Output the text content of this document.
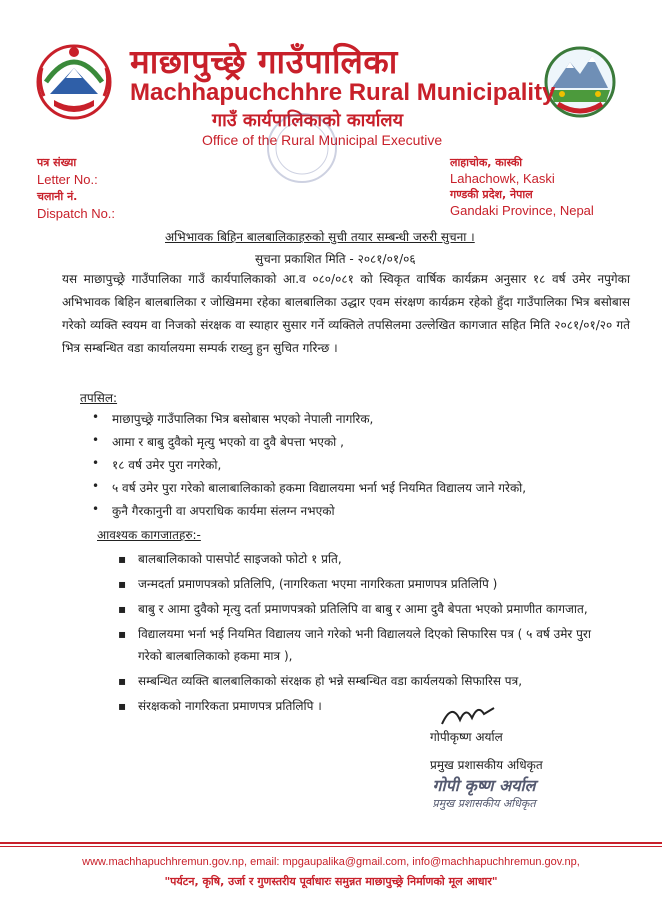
माछापुच्छ्रे गाउँपालिका
Machhapuchchhre Rural Municipality
गाउँ कार्यपालिकाको कार्यालय
Office of the Rural Municipal Executive
पत्र संख्या
Letter No.:
चलानी नं.
Dispatch No.:
लाहाचोक, कास्की
Lahachowk, Kaski
गण्डकी प्रदेश, नेपाल
Gandaki Province, Nepal
अभिभावक बिहिन बालबालिकाहरुको सुची तयार सम्बन्धी जरुरी सुचना ।
सुचना प्रकाशित मिति - २०८१/०१/०६
यस माछापुच्छ्रे गाउँपालिका गाउँ कार्यपालिकाको आ.व ०८०/०८१ को स्विकृत वार्षिक कार्यक्रम अनुसार १८ वर्ष उमेर नपुगेका अभिभावक बिहिन बालबालिका र जोखिममा रहेका बालबालिका उद्धार एवम संरक्षण कार्यक्रम रहेको हुँदा गाउँपालिका भित्र बसोबास गरेको व्यक्ति स्वयम वा निजको संरक्षक वा स्याहार सुसार गर्ने व्यक्तिले तपसिलमा उल्लेखित कागजात सहित मिति २०८१/०१/२० गते भित्र सम्बन्धित वडा कार्यालयमा सम्पर्क राख्नु हुन सुचित गरिन्छ ।
तपसिल:
• माछापुच्छ्रे गाउँपालिका भित्र बसोबास भएको नेपाली नागरिक,
• आमा र बाबु दुवैको मृत्यु भएको वा दुवै बेपत्ता भएको ,
• १८ वर्ष उमेर पुरा नगरेको,
• ५ वर्ष उमेर पुरा गरेको बालाबालिकाको हकमा विद्यालयमा भर्ना भई नियमित विद्यालय जाने गरेको,
• कुनै गैरकानुनी वा अपराधिक कार्यमा संलग्न नभएको
आवश्यक कागजातहरु:-
▪ बालबालिकाको पासपोर्ट साइजको फोटो १ प्रति,
▪ जन्मदर्ता प्रमाणपत्रको प्रतिलिपि, (नागरिकता भएमा नागरिकता प्रमाणपत्र प्रतिलिपि )
▪ बाबु र आमा दुवैको मृत्यु दर्ता प्रमाणपत्रको प्रतिलिपि वा बाबु र आमा दुवै बेपता भएको प्रमाणीत कागजात,
▪ विद्यालयमा भर्ना भई नियमित विद्यालय जाने गरेको भनी विद्यालयले दिएको सिफारिस पत्र ( ५ वर्ष उमेर पुरा गरेको बालबालिकाको हकमा मात्र ),
▪ सम्बन्धित व्यक्ति बालबालिकाको संरक्षक हो भन्ने सम्बन्धित वडा कार्यलयको सिफारिस पत्र,
▪ संरक्षकको नागरिकता प्रमाणपत्र प्रतिलिपि ।
गोपीकृष्ण अर्याल
प्रमुख प्रशासकीय अधिकृत
गोपी कृष्ण अर्याल
प्रमुख प्रशासकीय अधिकृत
www.machhapuchhremun.gov.np, email: mpgaupalika@gmail.com, info@machhapuchhremun.gov.np,
"पर्यटन, कृषि, उर्जा र गुणस्तरीय पूर्वाधारः समुन्नत माछापुच्छ्रे निर्माणको मूल आधार"
